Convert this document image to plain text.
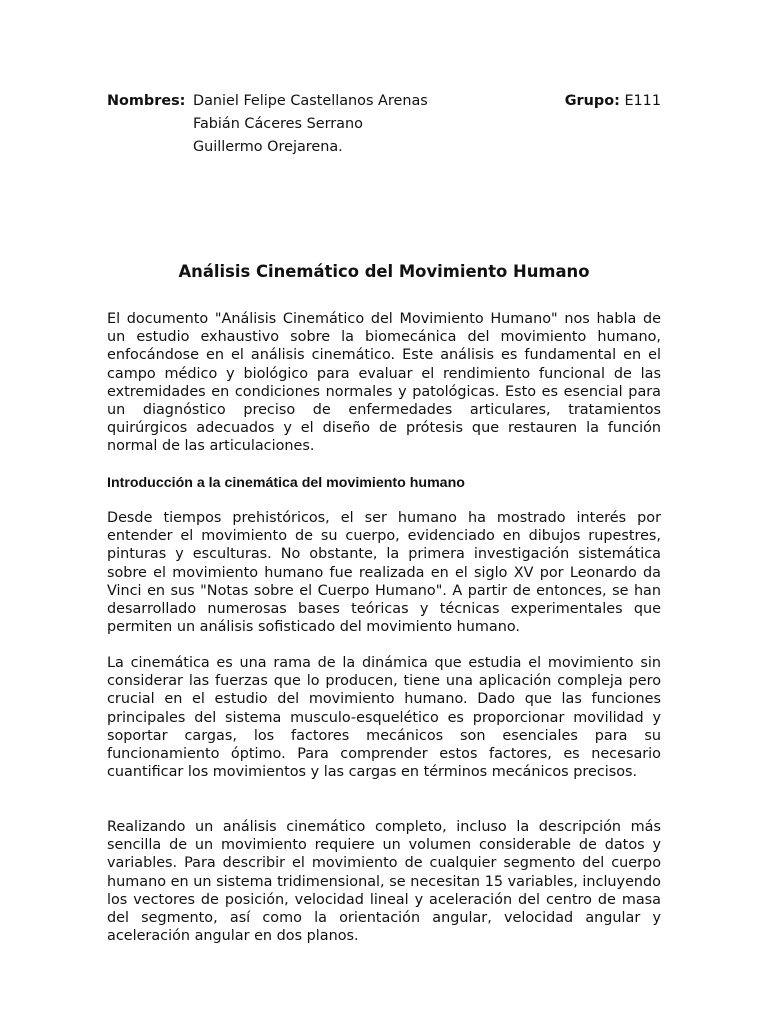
Nombres: Daniel Felipe Castellanos Arenas
Fabián Cáceres Serrano
Guillermo Orejarena.
Grupo: E111
Análisis Cinemático del Movimiento Humano

El documento "Análisis Cinemático del Movimiento Humano" nos habla de un estudio exhaustivo sobre la biomecánica del movimiento humano, enfocándose en el análisis cinemático. Este análisis es fundamental en el campo médico y biológico para evaluar el rendimiento funcional de las extremidades en condiciones normales y patológicas. Esto es esencial para un diagnóstico preciso de enfermedades articulares, tratamientos quirúrgicos adecuados y el diseño de prótesis que restauren la función normal de las articulaciones.

Introducción a la cinemática del movimiento humano

Desde tiempos prehistóricos, el ser humano ha mostrado interés por entender el movimiento de su cuerpo, evidenciado en dibujos rupestres, pinturas y esculturas. No obstante, la primera investigación sistemática sobre el movimiento humano fue realizada en el siglo XV por Leonardo da Vinci en sus "Notas sobre el Cuerpo Humano". A partir de entonces, se han desarrollado numerosas bases teóricas y técnicas experimentales que permiten un análisis sofisticado del movimiento humano.

La cinemática es una rama de la dinámica que estudia el movimiento sin considerar las fuerzas que lo producen, tiene una aplicación compleja pero crucial en el estudio del movimiento humano. Dado que las funciones principales del sistema musculo-esquelético es proporcionar movilidad y soportar cargas, los factores mecánicos son esenciales para su funcionamiento óptimo. Para comprender estos factores, es necesario cuantificar los movimientos y las cargas en términos mecánicos precisos.

Realizando un análisis cinemático completo, incluso la descripción más sencilla de un movimiento requiere un volumen considerable de datos y variables. Para describir el movimiento de cualquier segmento del cuerpo humano en un sistema tridimensional, se necesitan 15 variables, incluyendo los vectores de posición, velocidad lineal y aceleración del centro de masa del segmento, así como la orientación angular, velocidad angular y aceleración angular en dos planos.
